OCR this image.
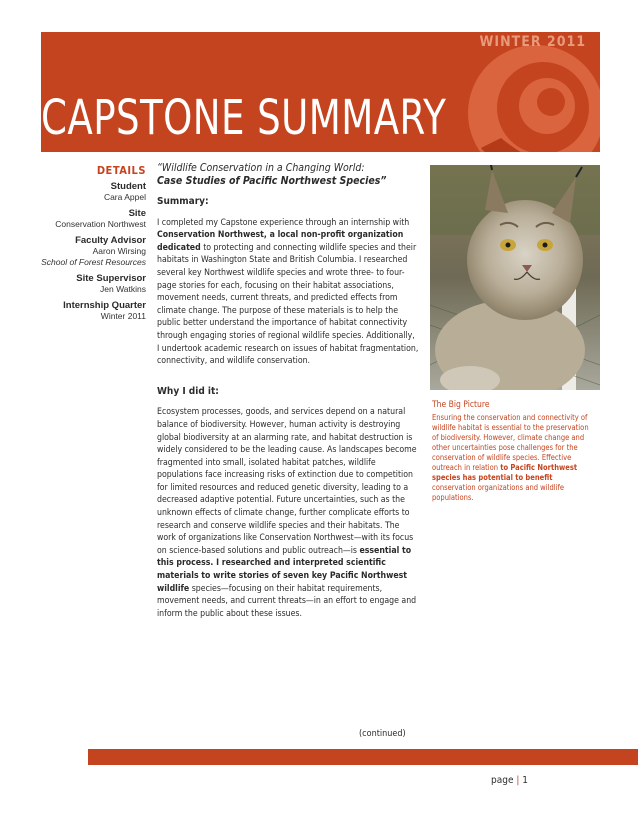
WINTER 2011
CAPSTONE SUMMARY
DETAILS
Student
Cara Appel
Site
Conservation Northwest
Faculty Advisor
Aaron Wirsing
School of Forest Resources
Site Supervisor
Jen Watkins
Internship Quarter
Winter 2011
“Wildlife Conservation in a Changing World:
Case Studies of Pacific Northwest Species”
Summary:

I completed my Capstone experience through an internship with Conservation Northwest, a local non-profit organization dedicated to protecting and connecting wildlife species and their habitats in Washington State and British Columbia. I researched several key Northwest wildlife species and wrote three- to four-page stories for each, focusing on their habitat associations, movement needs, current threats, and predicted effects from climate change. The purpose of these materials is to help the public better understand the importance of habitat connectivity through engaging stories of regional wildlife species. Additionally, I undertook academic research on issues of habitat fragmentation, connectivity, and wildlife conservation.

Why I did it:

Ecosystem processes, goods, and services depend on a natural balance of biodiversity. However, human activity is destroying global biodiversity at an alarming rate, and habitat destruction is widely considered to be the leading cause. As landscapes become fragmented into small, isolated habitat patches, wildlife populations face increasing risks of extinction due to competition for limited resources and reduced genetic diversity, leading to a decreased adaptive potential. Future uncertainties, such as the unknown effects of climate change, further complicate efforts to research and conserve wildlife species and their habitats. The work of organizations like Conservation Northwest—with its focus on science-based solutions and public outreach—is essential to this process. I researched and interpreted scientific materials to write stories of seven key Pacific Northwest wildlife species—focusing on their habitat requirements, movement needs, and current threats—in an effort to engage and inform the public about these issues.

The Big Picture
Ensuring the conservation and connectivity of wildlife habitat is essential to the preservation of biodiversity. However, climate change and other uncertainties pose challenges for the conservation of wildlife species. Effective outreach in relation to Pacific Northwest species has potential to benefit conservation organizations and wildlife populations.
(continued)
page | 1
